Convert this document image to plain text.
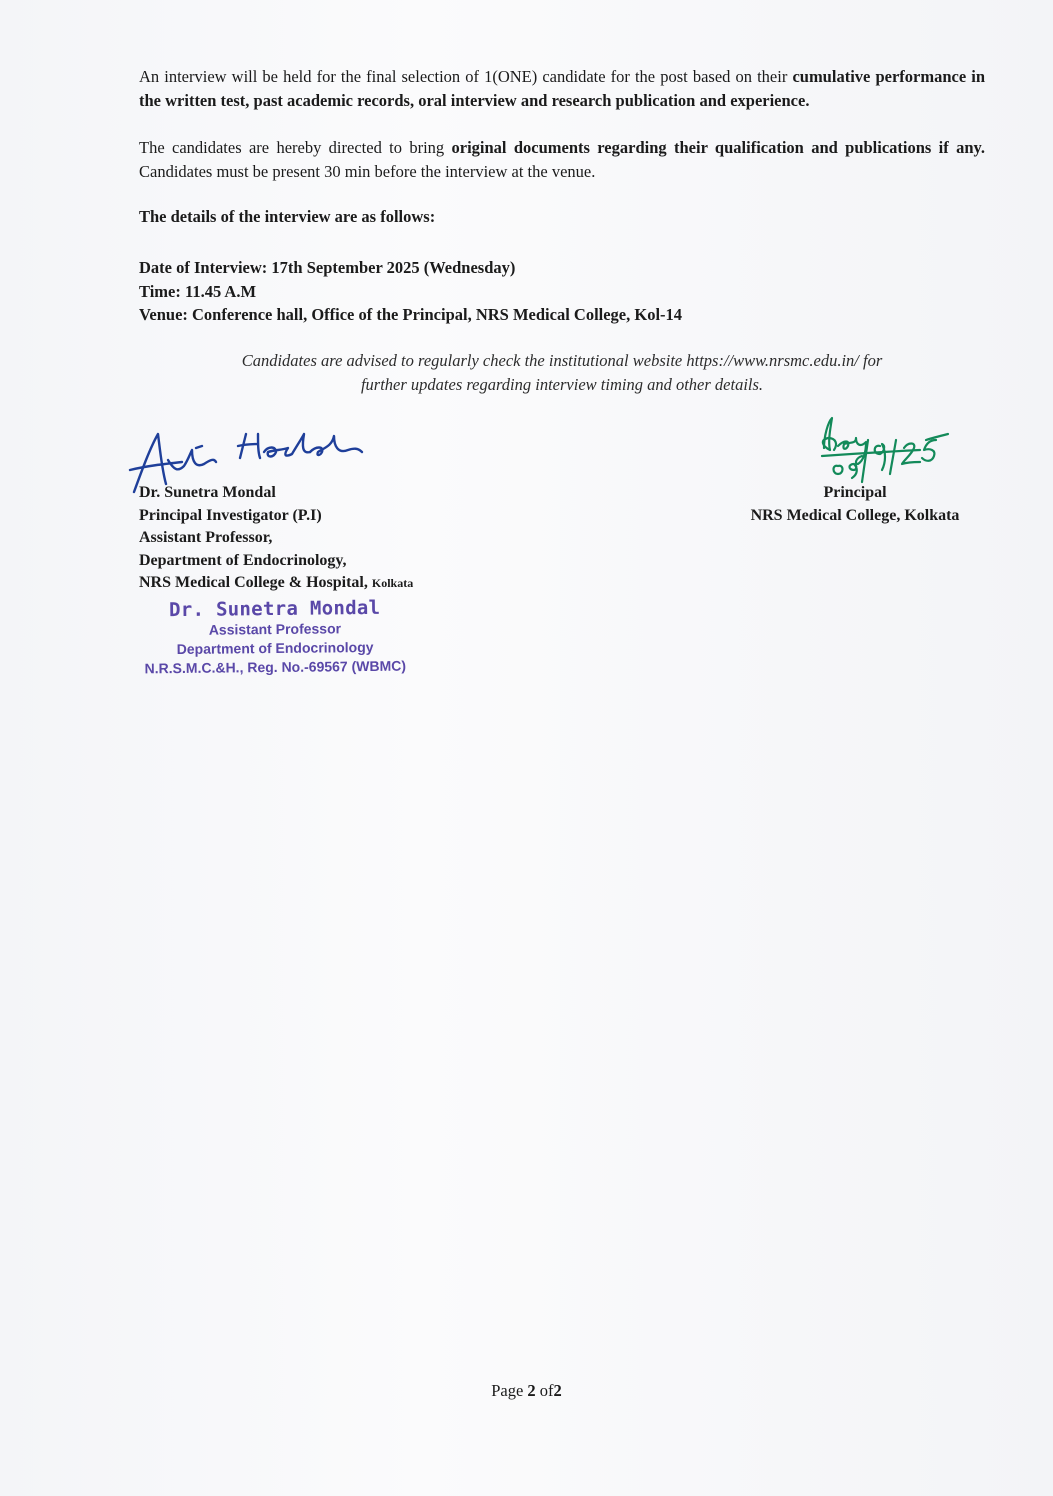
An interview will be held for the final selection of 1(ONE) candidate for the post based on their cumulative performance in the written test, past academic records, oral interview and research publication and experience.
The candidates are hereby directed to bring original documents regarding their qualification and publications if any. Candidates must be present 30 min before the interview at the venue.
The details of the interview are as follows:
Date of Interview: 17th September 2025 (Wednesday)
Time: 11.45 A.M
Venue: Conference hall, Office of the Principal, NRS Medical College, Kol-14
Candidates are advised to regularly check the institutional website https://www.nrsmc.edu.in/ for
further updates regarding interview timing and other details.
Dr. Sunetra Mondal
Principal Investigator (P.I)
Assistant Professor,
Department of Endocrinology,
NRS Medical College & Hospital, Kolkata
Principal
NRS Medical College, Kolkata
Dr. Sunetra Mondal
Assistant Professor
Department of Endocrinology
N.R.S.M.C.&H., Reg. No.-69567 (WBMC)
Page 2 of2
